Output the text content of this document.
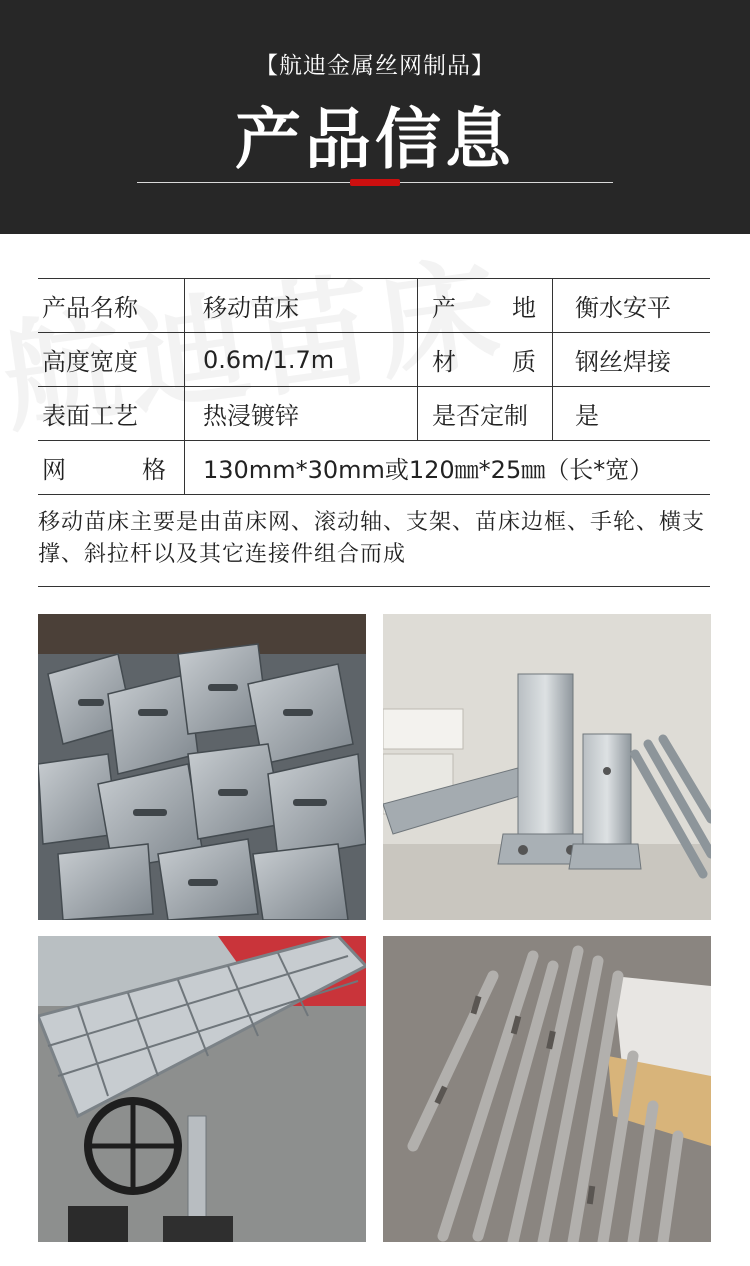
【航迪金属丝网制品】
产品信息
产品名称	移动苗床	产 地	衡水安平
高度宽度	0.6m/1.7m	材 质	钢丝焊接
表面工艺	热浸镀锌	是否定制	是

网 格	130mm*30mm或120㎜*25㎜（长*宽）		
移动苗床主要是由苗床网、滚动轴、支架、苗床边框、手轮、横支撑、斜拉杆以及其它连接件组合而成
